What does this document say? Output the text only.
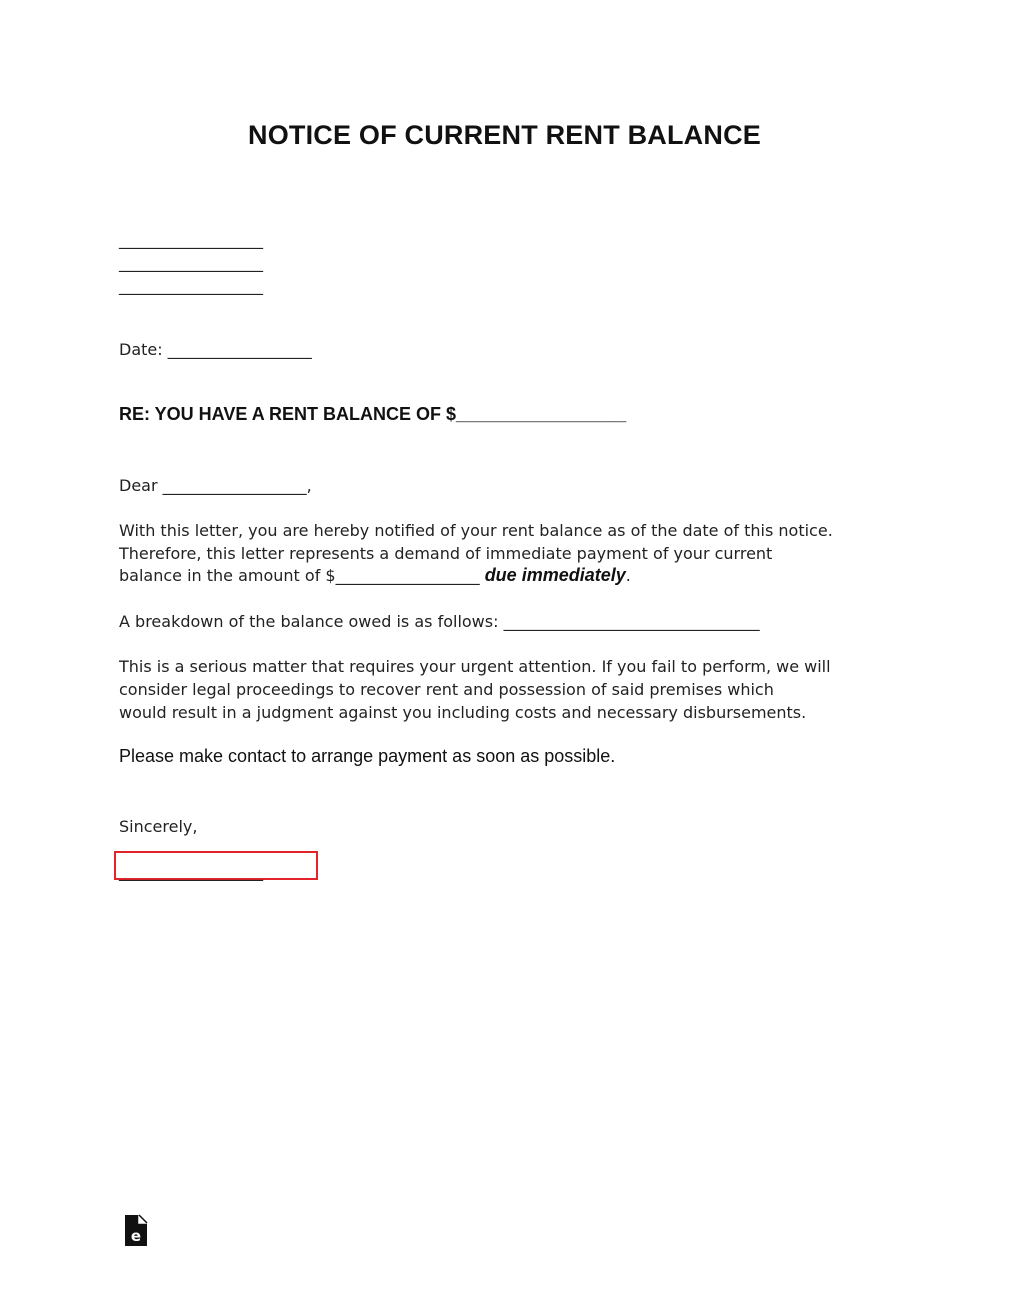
NOTICE OF CURRENT RENT BALANCE
__________________
__________________
__________________
Date: __________________
RE: YOU HAVE A RENT BALANCE OF $_________________
Dear __________________,
With this letter, you are hereby notified of your rent balance as of the date of this notice.
Therefore, this letter represents a demand of immediate payment of your current
balance in the amount of $__________________ due immediately.
A breakdown of the balance owed is as follows: ________________________________
This is a serious matter that requires your urgent attention. If you fail to perform, we will
consider legal proceedings to recover rent and possession of said premises which
would result in a judgment against you including costs and necessary disbursements.
Please make contact to arrange payment as soon as possible.
Sincerely,
__________________
e
